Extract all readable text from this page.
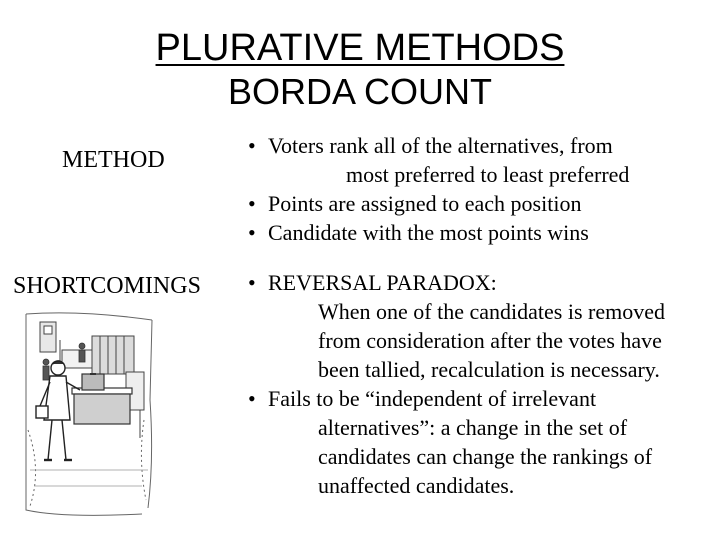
PLURATIVE METHODS
BORDA COUNT
METHOD
• Voters rank all of the alternatives, from
most preferred to least preferred
• Points are assigned to each position
• Candidate with the most points wins
SHORTCOMINGS • REVERSAL PARADOX:
When one of the candidates is removed
from consideration after the votes have
been tallied, recalculation is necessary.
• Fails to be “independent of irrelevant
alternatives”: a change in the set of
candidates can change the rankings of
unaffected candidates.
